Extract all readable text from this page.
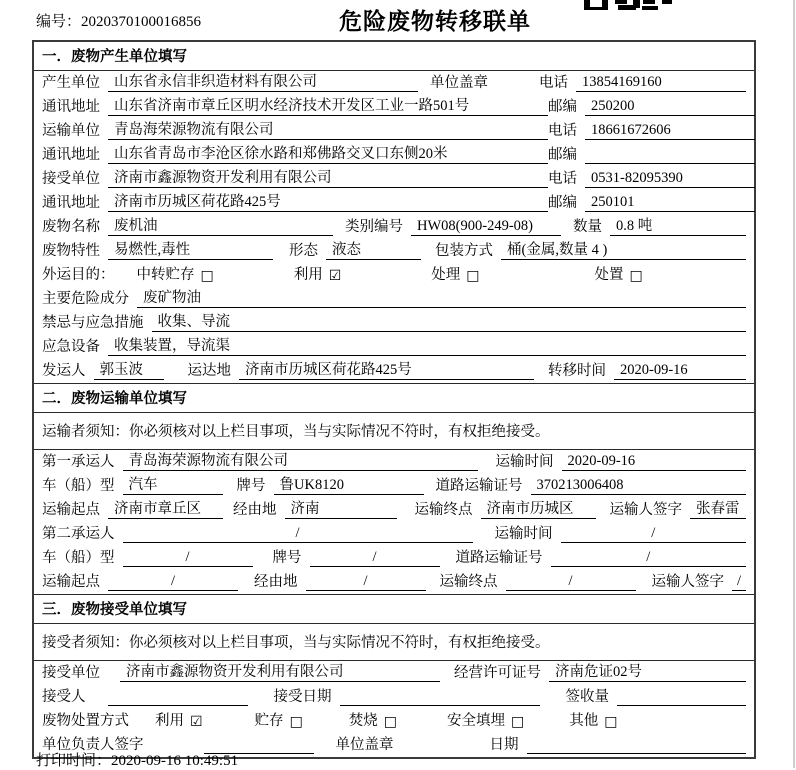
编号：2020370100016856	危险废物转移联单
一．废物产生单位填写
产生单位 山东省永信非织造材料有限公司	单位盖章	电话 13854169160
通讯地址 山东省济南市章丘区明水经济技术开发区工业一路501号	邮编 250200
运输单位 青岛海荣源物流有限公司	电话 18661672606
通讯地址 山东省青岛市李沧区徐水路和郑佛路交叉口东侧20米	邮编
接受单位 济南市鑫源物资开发利用有限公司	电话 0531-82095390
通讯地址 济南市历城区荷花路425号	邮编 250101
废物名称 废机油	类别编号 HW08(900-249-08)	数量 0.8 吨
废物特性 易燃性,毒性	形态 液态	包装方式 桶(金属,数量 4 )
外运目的： 中转贮存 □	利用 ☑	处理 □	处置 □
主要危险成分 废矿物油
禁忌与应急措施 收集、导流
应急设备 收集装置，导流渠
发运人 郭玉波	运达地 济南市历城区荷花路425号	转移时间 2020-09-16
二．废物运输单位填写
运输者须知：你必须核对以上栏目事项，当与实际情况不符时，有权拒绝接受。
第一承运人 青岛海荣源物流有限公司	运输时间 2020-09-16
车（船）型 汽车	牌号 鲁UK8120	道路运输证号 370213006408
运输起点 济南市章丘区	经由地 济南	运输终点 济南市历城区	运输人签字 张春雷
第二承运人	/	运输时间	/
车（船）型	/	牌号	/	道路运输证号	/
运输起点	/	经由地	/	运输终点	/	运输人签字 /
三．废物接受单位填写
接受者须知：你必须核对以上栏目事项，当与实际情况不符时，有权拒绝接受。
接受单位	济南市鑫源物资开发利用有限公司	经营许可证号 济南危证02号
接受人	接受日期	签收量
废物处置方式 利用 ☑	贮存 □	焚烧 □	安全填埋 □	其他 □
单位负责人签字	单位盖章	日期
打印时间：2020-09-16 10:49:51
